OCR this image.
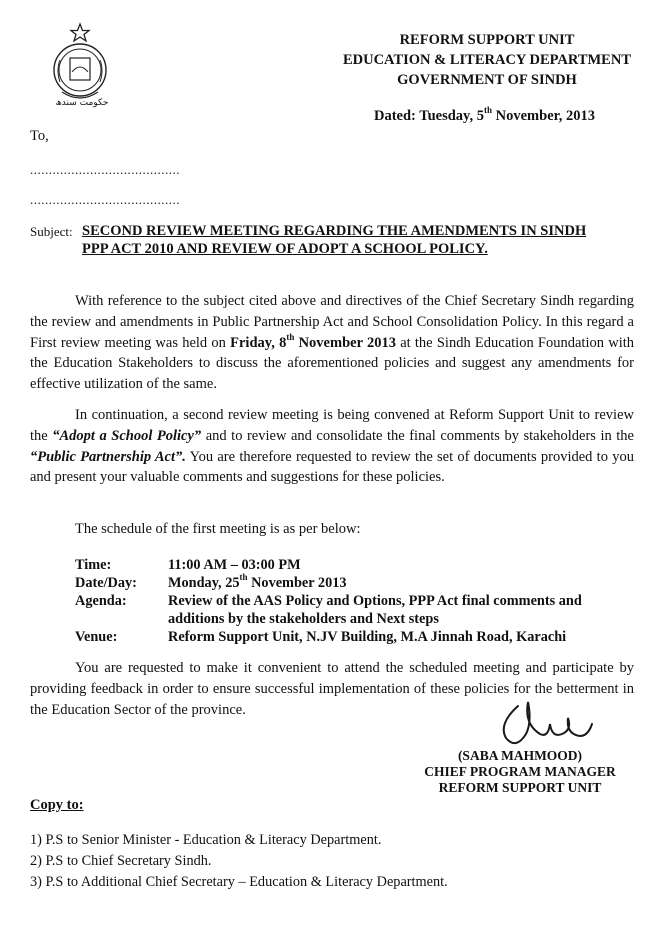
حکومت سندھ
REFORM SUPPORT UNIT
EDUCATION & LITERACY DEPARTMENT
GOVERNMENT OF SINDH
Dated: Tuesday, 5th November, 2013
To,
........................................
........................................
Subject: SECOND REVIEW MEETING REGARDING THE AMENDMENTS IN SINDH
PPP ACT 2010 AND REVIEW OF ADOPT A SCHOOL POLICY.
With reference to the subject cited above and directives of the Chief Secretary Sindh regarding the review and amendments in Public Partnership Act and School Consolidation Policy. In this regard a First review meeting was held on Friday, 8th November 2013 at the Sindh Education Foundation with the Education Stakeholders to discuss the aforementioned policies and suggest any amendments for effective utilization of the same.
In continuation, a second review meeting is being convened at Reform Support Unit to review the “Adopt a School Policy” and to review and consolidate the final comments by stakeholders in the “Public Partnership Act”. You are therefore requested to review the set of documents provided to you and present your valuable comments and suggestions for these policies.
The schedule of the first meeting is as per below:
Time:	11:00 AM – 03:00 PM
Date/Day: Monday, 25th November 2013
Agenda:	Review of the AAS Policy and Options, PPP Act final comments and
additions by the stakeholders and Next steps
Venue:	Reform Support Unit, N.JV Building, M.A Jinnah Road, Karachi
You are requested to make it convenient to attend the scheduled meeting and participate by providing feedback in order to ensure successful implementation of these policies for the betterment in the Education Sector of the province.
(SABA MAHMOOD)
CHIEF PROGRAM MANAGER
REFORM SUPPORT UNIT
Copy to:
1) P.S to Senior Minister - Education & Literacy Department.
2) P.S to Chief Secretary Sindh.
3) P.S to Additional Chief Secretary – Education & Literacy Department.
